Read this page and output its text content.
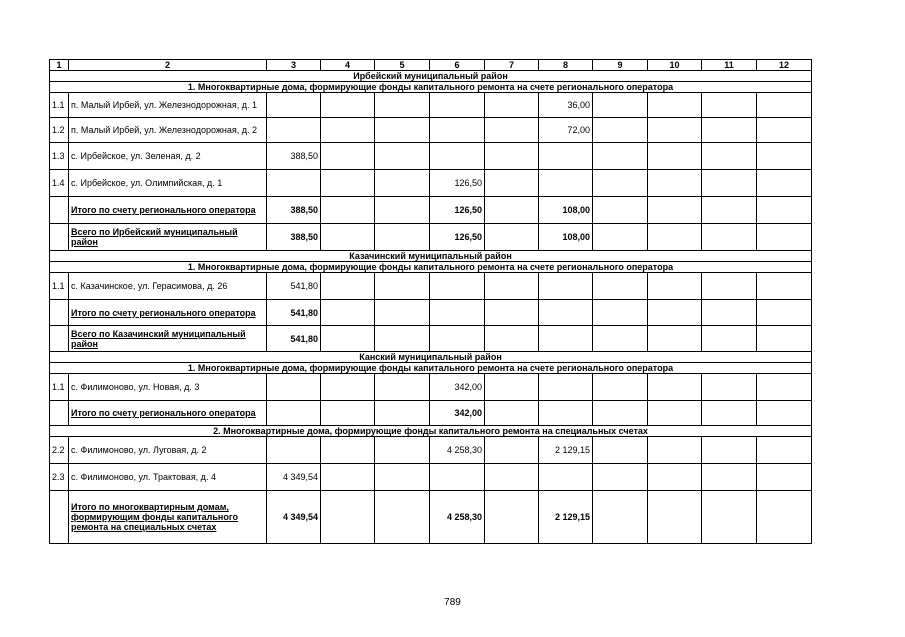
1	2	3	4	5	6	7	8	9	10	11	12
Ирбейский муниципальный район											
1. Многоквартирные дома, формирующие фонды капитального ремонта на счете регионального оператора											
1.1	п. Малый Ирбей, ул. Железнодорожная, д. 1						36,00				
1.2	п. Малый Ирбей, ул. Железнодорожная, д. 2						72,00				
1.3	с. Ирбейское, ул. Зеленая, д. 2	388,50									
1.4	с. Ирбейское, ул. Олимпийская, д. 1				126,50						
	Итого по счету регионального оператора	388,50			126,50		108,00				
	Всего по Ирбейский муниципальный район	388,50			126,50		108,00				
Казачинский муниципальный район											
1. Многоквартирные дома, формирующие фонды капитального ремонта на счете регионального оператора											
1.1	с. Казачинское, ул. Герасимова, д. 26	541,80									
	Итого по счету регионального оператора	541,80									
	Всего по Казачинский муниципальный район	541,80									
Канский муниципальный район											
1. Многоквартирные дома, формирующие фонды капитального ремонта на счете регионального оператора											
1.1	с. Филимоново, ул. Новая, д. 3				342,00						
	Итого по счету регионального оператора				342,00						
2. Многоквартирные дома, формирующие фонды капитального ремонта на специальных счетах											
2.2	с. Филимоново, ул. Луговая, д. 2				4 258,30		2 129,15				
2.3	с. Филимоново, ул. Трактовая, д. 4	4 349,54									
	Итого по многоквартирным домам, формирующим фонды капитального ремонта на специальных счетах	4 349,54			4 258,30		2 129,15				
789
